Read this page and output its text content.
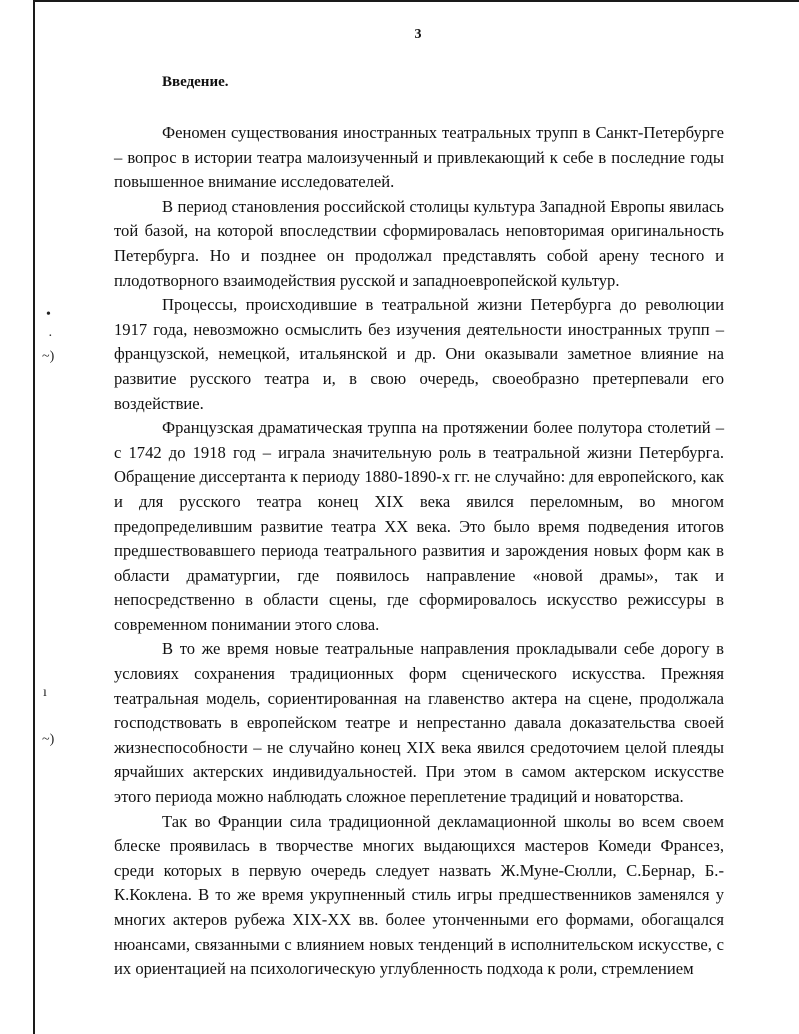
•
·
~)
ı
~)
3
Введение.

Феномен существования иностранных театральных трупп в Санкт-Петербурге – вопрос в истории театра малоизученный и привлекающий к себе в последние годы повышенное внимание исследователей.

В период становления российской столицы культура Западной Европы явилась той базой, на которой впоследствии сформировалась неповторимая оригинальность Петербурга. Но и позднее он продолжал представлять собой арену тесного и плодотворного взаимодействия русской и западноевропейской культур.

Процессы, происходившие в театральной жизни Петербурга до революции 1917 года, невозможно осмыслить без изучения деятельности иностранных трупп – французской, немецкой, итальянской и др. Они оказывали заметное влияние на развитие русского театра и, в свою очередь, своеобразно претерпевали его воздействие.

Французская драматическая труппа на протяжении более полутора столетий – с 1742 до 1918 год – играла значительную роль в театральной жизни Петербурга. Обращение диссертанта к периоду 1880-1890-х гг. не случайно: для европейского, как и для русского театра конец XIX века явился переломным, во многом предопределившим развитие театра XX века. Это было время подведения итогов предшествовавшего периода театрального развития и зарождения новых форм как в области драматургии, где появилось направление «новой драмы», так и непосредственно в области сцены, где сформировалось искусство режиссуры в современном понимании этого слова.

В то же время новые театральные направления прокладывали себе дорогу в условиях сохранения традиционных форм сценического искусства. Прежняя театральная модель, сориентированная на главенство актера на сцене, продолжала господствовать в европейском театре и непрестанно давала доказательства своей жизнеспособности – не случайно конец XIX века явился средоточием целой плеяды ярчайших актерских индивидуальностей. При этом в самом актерском искусстве этого периода можно наблюдать сложное переплетение традиций и новаторства.

Так во Франции сила традиционной декламационной школы во всем своем блеске проявилась в творчестве многих выдающихся мастеров Комеди Франсез, среди которых в первую очередь следует назвать Ж.Муне-Сюлли, С.Бернар, Б.-К.Коклена. В то же время укрупненный стиль игры предшественников заменялся у многих актеров рубежа XIX-XX вв. более утонченными его формами, обогащался нюансами, связанными с влиянием новых тенденций в исполнительском искусстве, с их ориентацией на психологическую углубленность подхода к роли, стремлением
